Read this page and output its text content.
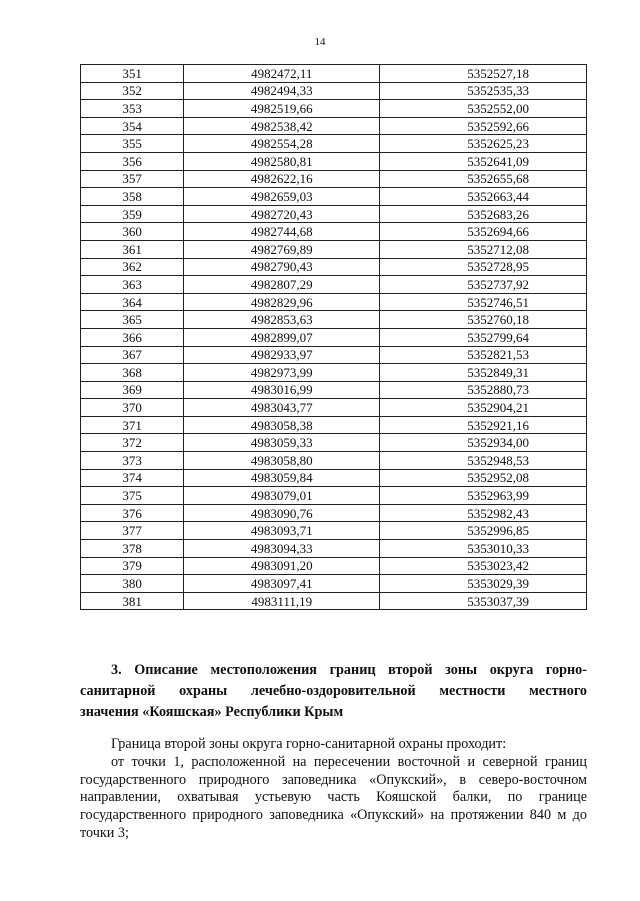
14
351	4982472,11	5352527,18
352	4982494,33	5352535,33
353	4982519,66	5352552,00
354	4982538,42	5352592,66
355	4982554,28	5352625,23
356	4982580,81	5352641,09
357	4982622,16	5352655,68
358	4982659,03	5352663,44
359	4982720,43	5352683,26
360	4982744,68	5352694,66
361	4982769,89	5352712,08
362	4982790,43	5352728,95
363	4982807,29	5352737,92
364	4982829,96	5352746,51
365	4982853,63	5352760,18
366	4982899,07	5352799,64
367	4982933,97	5352821,53
368	4982973,99	5352849,31
369	4983016,99	5352880,73
370	4983043,77	5352904,21
371	4983058,38	5352921,16
372	4983059,33	5352934,00
373	4983058,80	5352948,53
374	4983059,84	5352952,08
375	4983079,01	5352963,99
376	4983090,76	5352982,43
377	4983093,71	5352996,85
378	4983094,33	5353010,33
379	4983091,20	5353023,42
380	4983097,41	5353029,39
381	4983111,19	5353037,39
3. Описание местоположения границ второй зоны округа горно-
санитарной охраны лечебно-оздоровительной местности местного
значения «Кояшская» Республики Крым

Граница второй зоны округа горно-санитарной охраны проходит:

от точки 1, расположенной на пересечении восточной и северной границ государственного природного заповедника «Опукский», в северо-восточном направлении, охватывая устьевую часть Кояшской балки, по границе государственного природного заповедника «Опукский» на протяжении 840 м до точки 3;
